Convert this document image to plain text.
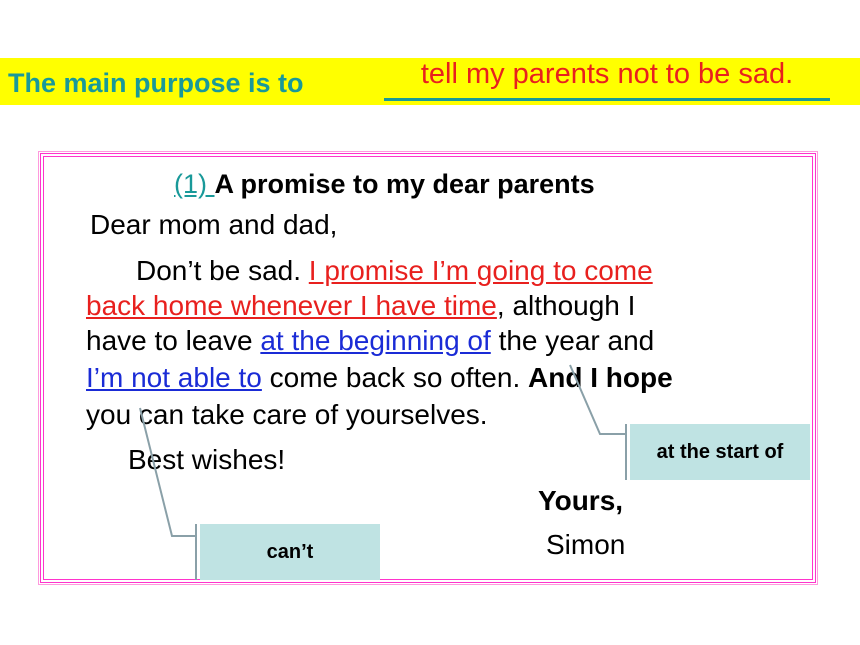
The main purpose is to	tell my parents not to be sad.
(1) A promise to my dear parents
Dear mom and dad,
Don’t be sad. I promise I’m going to come
back home whenever I have time, although I
have to leave at the beginning of the year and
I’m not able to come back so often. And I hope
you can take care of yourselves.
Best wishes!
Yours,
Simon
at the start of
can’t
